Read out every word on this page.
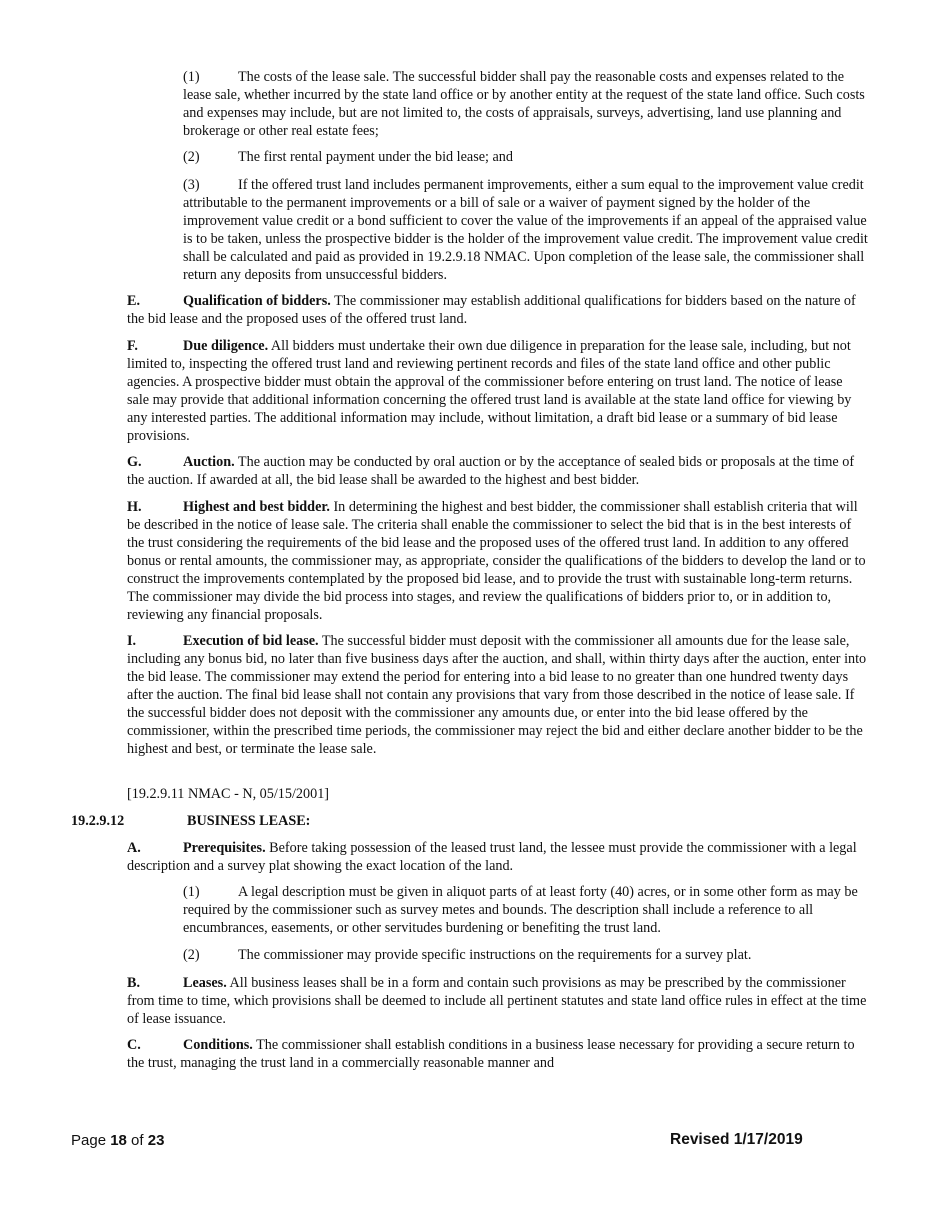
(1)	The costs of the lease sale. The successful bidder shall pay the reasonable costs and expenses related to the lease sale, whether incurred by the state land office or by another entity at the request of the state land office. Such costs and expenses may include, but are not limited to, the costs of appraisals, surveys, advertising, land use planning and brokerage or other real estate fees;

(2)	The first rental payment under the bid lease; and

(3)	If the offered trust land includes permanent improvements, either a sum equal to the improvement value credit attributable to the permanent improvements or a bill of sale or a waiver of payment signed by the holder of the improvement value credit or a bond sufficient to cover the value of the improvements if an appeal of the appraised value is to be taken, unless the prospective bidder is the holder of the improvement value credit. The improvement value credit shall be calculated and paid as provided in 19.2.9.18 NMAC. Upon completion of the lease sale, the commissioner shall return any deposits from unsuccessful bidders.

E.	Qualification of bidders. The commissioner may establish additional qualifications for bidders based on the nature of the bid lease and the proposed uses of the offered trust land.

F.	Due diligence. All bidders must undertake their own due diligence in preparation for the lease sale, including, but not limited to, inspecting the offered trust land and reviewing pertinent records and files of the state land office and other public agencies. A prospective bidder must obtain the approval of the commissioner before entering on trust land. The notice of lease sale may provide that additional information concerning the offered trust land is available at the state land office for viewing by any interested parties. The additional information may include, without limitation, a draft bid lease or a summary of bid lease provisions.

G.	Auction. The auction may be conducted by oral auction or by the acceptance of sealed bids or proposals at the time of the auction. If awarded at all, the bid lease shall be awarded to the highest and best bidder.

H.	Highest and best bidder. In determining the highest and best bidder, the commissioner shall establish criteria that will be described in the notice of lease sale. The criteria shall enable the commissioner to select the bid that is in the best interests of the trust considering the requirements of the bid lease and the proposed uses of the offered trust land. In addition to any offered bonus or rental amounts, the commissioner may, as appropriate, consider the qualifications of the bidders to develop the land or to construct the improvements contemplated by the proposed bid lease, and to provide the trust with sustainable long-term returns. The commissioner may divide the bid process into stages, and review the qualifications of bidders prior to, or in addition to, reviewing any financial proposals.

I.	Execution of bid lease. The successful bidder must deposit with the commissioner all amounts due for the lease sale, including any bonus bid, no later than five business days after the auction, and shall, within thirty days after the auction, enter into the bid lease. The commissioner may extend the period for entering into a bid lease to no greater than one hundred twenty days after the auction. The final bid lease shall not contain any provisions that vary from those described in the notice of lease sale. If the successful bidder does not deposit with the commissioner any amounts due, or enter into the bid lease offered by the commissioner, within the prescribed time periods, the commissioner may reject the bid and either declare another bidder to be the highest and best, or terminate the lease sale.

[19.2.9.11 NMAC - N, 05/15/2001]

19.2.9.12	BUSINESS LEASE:

A.	Prerequisites. Before taking possession of the leased trust land, the lessee must provide the commissioner with a legal description and a survey plat showing the exact location of the land.

(1)	A legal description must be given in aliquot parts of at least forty (40) acres, or in some other form as may be required by the commissioner such as survey metes and bounds. The description shall include a reference to all encumbrances, easements, or other servitudes burdening or benefiting the trust land.

(2)	The commissioner may provide specific instructions on the requirements for a survey plat.

B.	Leases. All business leases shall be in a form and contain such provisions as may be prescribed by the commissioner from time to time, which provisions shall be deemed to include all pertinent statutes and state land office rules in effect at the time of lease issuance.

C.	Conditions. The commissioner shall establish conditions in a business lease necessary for providing a secure return to the trust, managing the trust land in a commercially reasonable manner and

Page 18 of 23	Revised 1/17/2019
